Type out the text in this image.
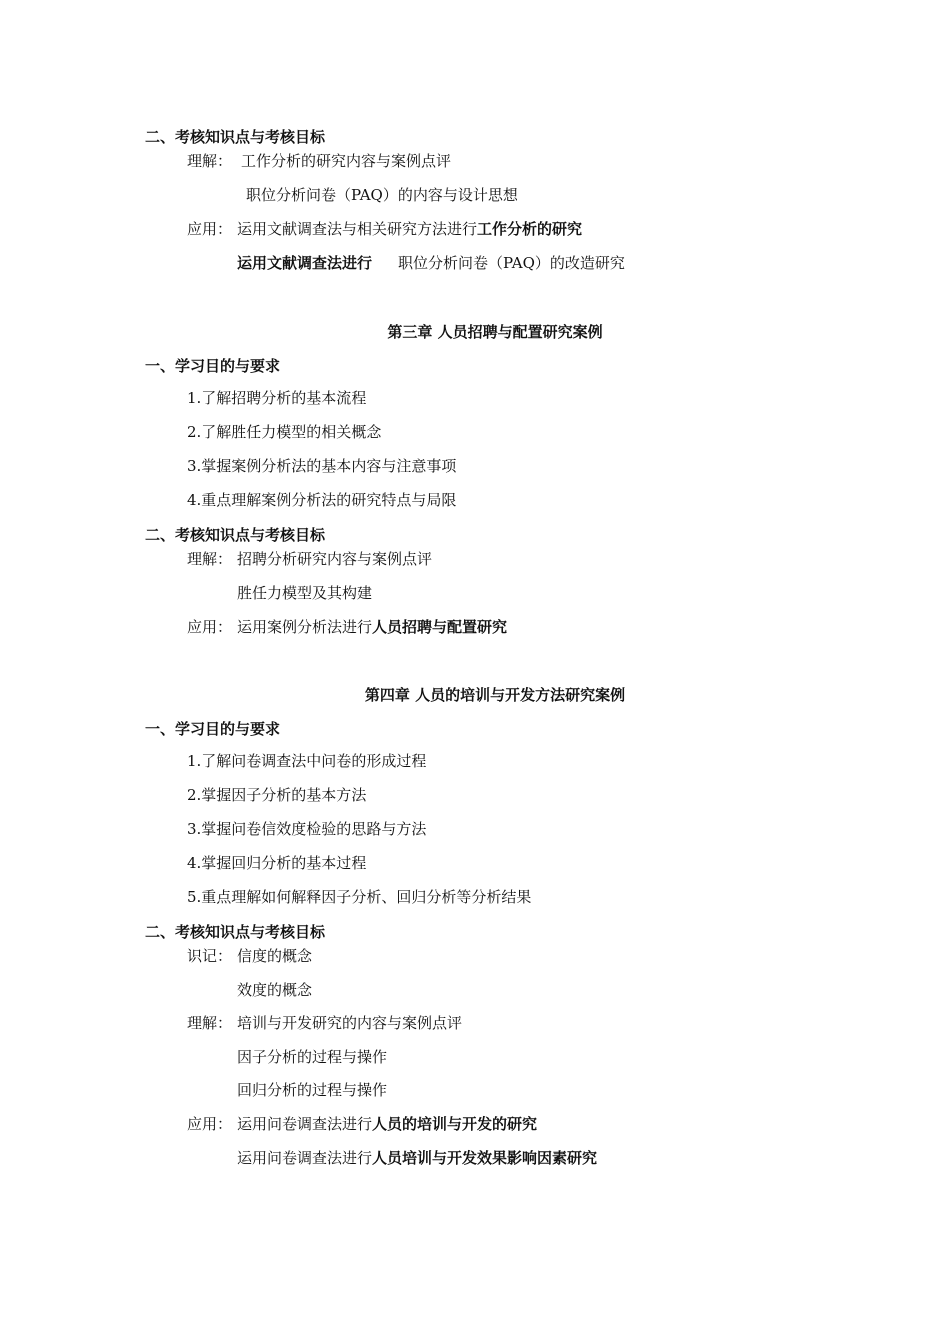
二、考核知识点与考核目标
理解： 工作分析的研究内容与案例点评
职位分析问卷（PAQ）的内容与设计思想
应用： 运用文献调查法与相关研究方法进行工作分析的研究
运用文献调查法进行 职位分析问卷（PAQ）的改造研究
第三章 人员招聘与配置研究案例
一、学习目的与要求
1.了解招聘分析的基本流程
2.了解胜任力模型的相关概念
3.掌握案例分析法的基本内容与注意事项
4.重点理解案例分析法的研究特点与局限
二、考核知识点与考核目标
理解： 招聘分析研究内容与案例点评
胜任力模型及其构建
应用： 运用案例分析法进行人员招聘与配置研究
第四章 人员的培训与开发方法研究案例
一、学习目的与要求
1.了解问卷调查法中问卷的形成过程
2.掌握因子分析的基本方法
3.掌握问卷信效度检验的思路与方法
4.掌握回归分析的基本过程
5.重点理解如何解释因子分析、回归分析等分析结果
二、考核知识点与考核目标
识记： 信度的概念
效度的概念
理解： 培训与开发研究的内容与案例点评
因子分析的过程与操作
回归分析的过程与操作
应用： 运用问卷调查法进行人员的培训与开发的研究
运用问卷调查法进行人员培训与开发效果影响因素研究
